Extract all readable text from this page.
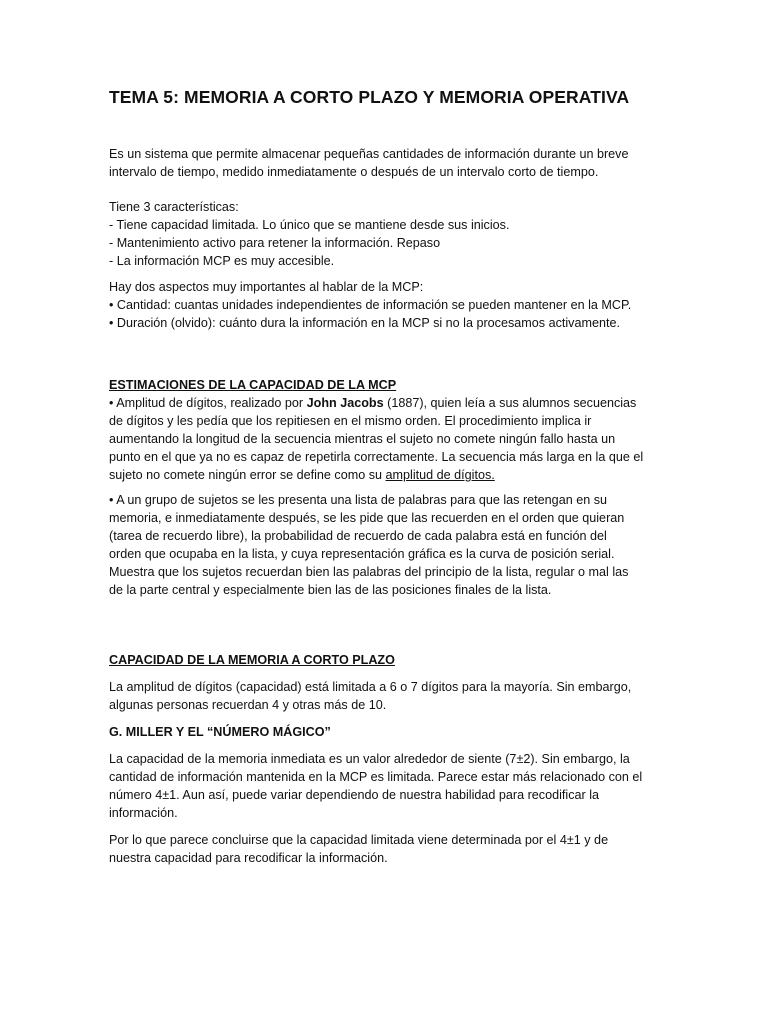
TEMA 5: MEMORIA A CORTO PLAZO Y MEMORIA OPERATIVA

Es un sistema que permite almacenar pequeñas cantidades de información durante un breve

intervalo de tiempo, medido inmediatamente o después de un intervalo corto de tiempo.

Tiene 3 características:

- Tiene capacidad limitada. Lo único que se mantiene desde sus inicios.

- Mantenimiento activo para retener la información. Repaso

- La información MCP es muy accesible.

Hay dos aspectos muy importantes al hablar de la MCP:

• Cantidad: cuantas unidades independientes de información se pueden mantener en la MCP.

• Duración (olvido): cuánto dura la información en la MCP si no la procesamos activamente.

ESTIMACIONES DE LA CAPACIDAD DE LA MCP

• Amplitud de dígitos, realizado por John Jacobs (1887), quien leía a sus alumnos secuencias

de dígitos y les pedía que los repitiesen en el mismo orden. El procedimiento implica ir

aumentando la longitud de la secuencia mientras el sujeto no comete ningún fallo hasta un

punto en el que ya no es capaz de repetirla correctamente. La secuencia más larga en la que el

sujeto no comete ningún error se define como su amplitud de dígitos.

• A un grupo de sujetos se les presenta una lista de palabras para que las retengan en su

memoria, e inmediatamente después, se les pide que las recuerden en el orden que quieran

(tarea de recuerdo libre), la probabilidad de recuerdo de cada palabra está en función del

orden que ocupaba en la lista, y cuya representación gráfica es la curva de posición serial.

Muestra que los sujetos recuerdan bien las palabras del principio de la lista, regular o mal las

de la parte central y especialmente bien las de las posiciones finales de la lista.

CAPACIDAD DE LA MEMORIA A CORTO PLAZO

La amplitud de dígitos (capacidad) está limitada a 6 o 7 dígitos para la mayoría. Sin embargo,

algunas personas recuerdan 4 y otras más de 10.

G. MILLER Y EL “NÚMERO MÁGICO”

La capacidad de la memoria inmediata es un valor alrededor de siente (7±2). Sin embargo, la

cantidad de información mantenida en la MCP es limitada. Parece estar más relacionado con el

número 4±1. Aun así, puede variar dependiendo de nuestra habilidad para recodificar la

información.

Por lo que parece concluirse que la capacidad limitada viene determinada por el 4±1 y de

nuestra capacidad para recodificar la información.
